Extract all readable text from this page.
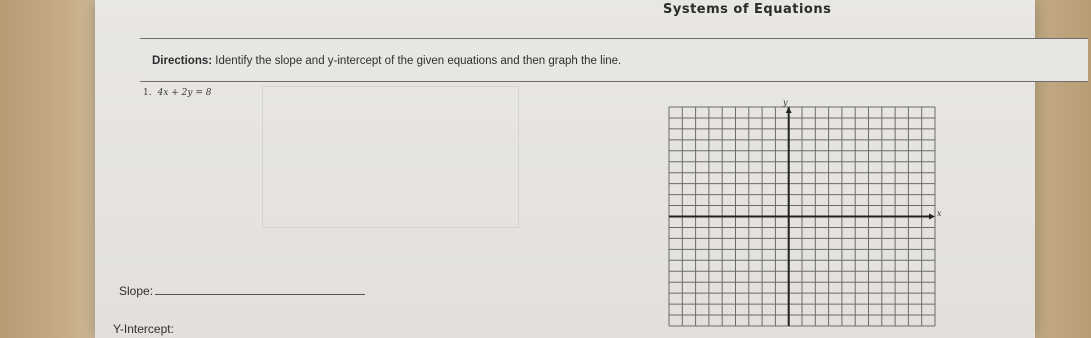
Systems of Equations
Directions: Identify the slope and y-intercept of the given equations and then graph the line.
1. 4x + 2y = 8
Slope:
Y-Intercept:
y
x
